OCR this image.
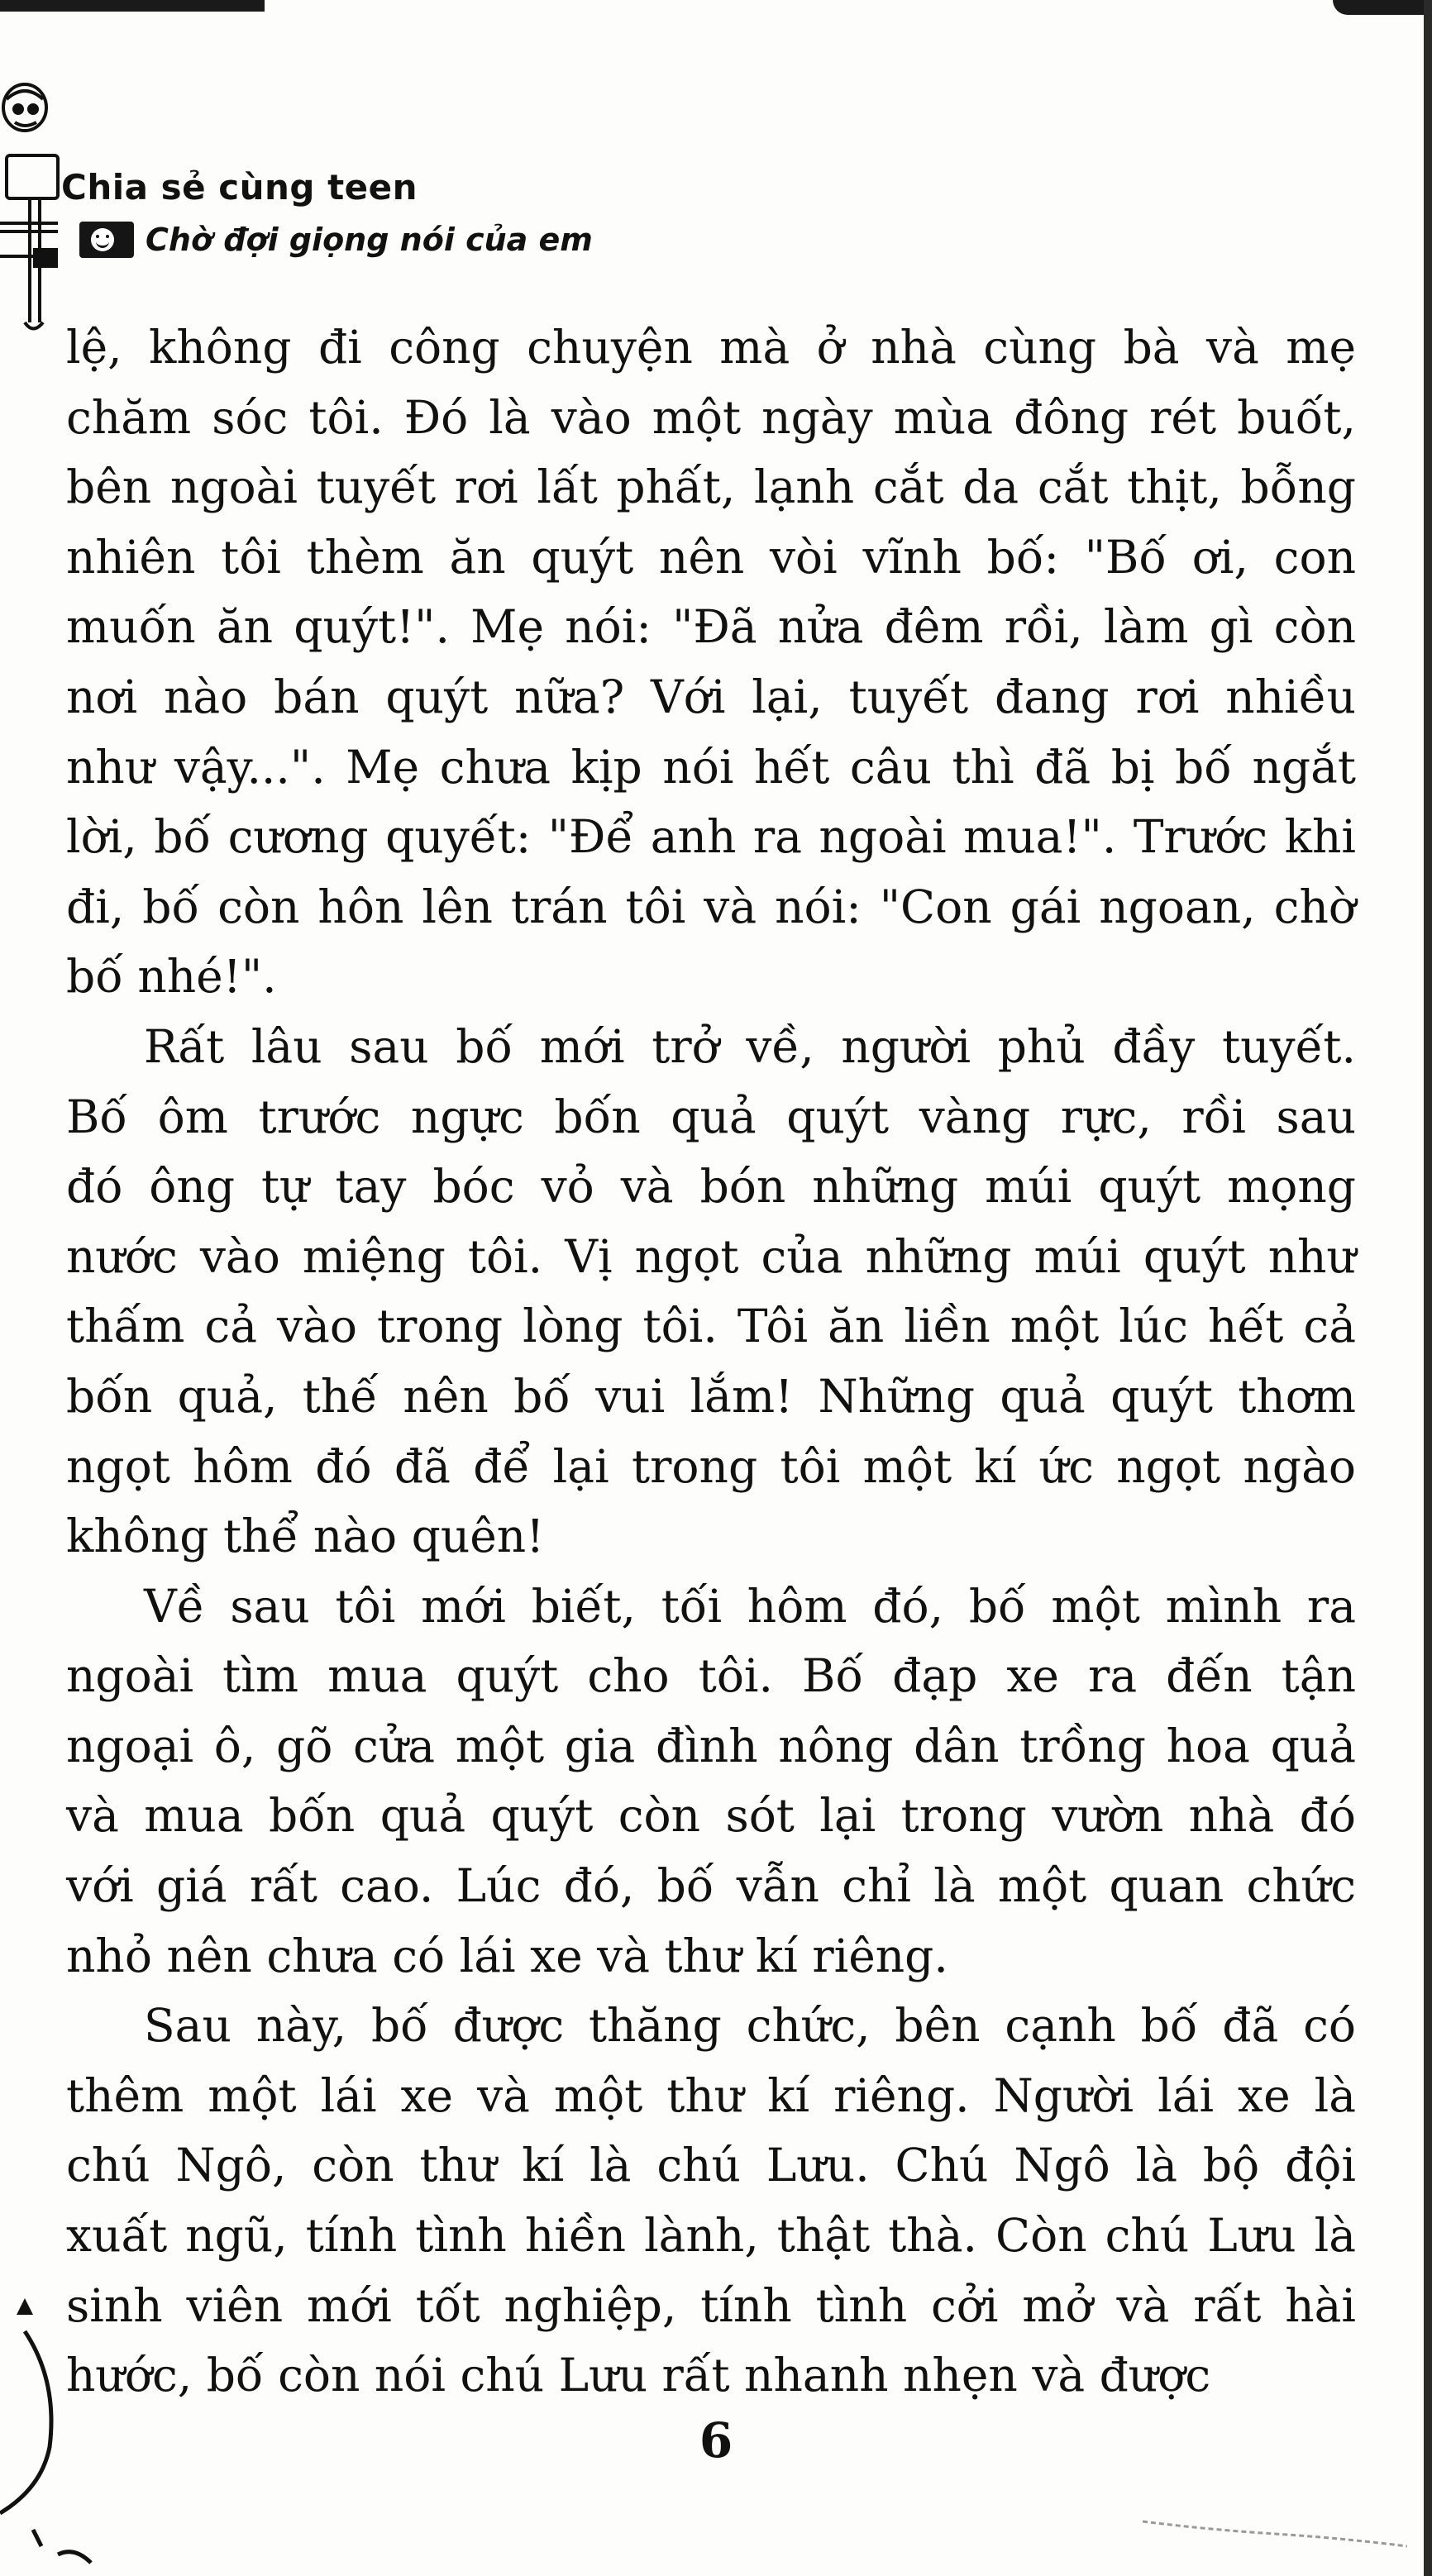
Chia sẻ cùng teen
Chờ đợi giọng nói của em
lệ, không đi công chuyện mà ở nhà cùng bà và mẹ
chăm sóc tôi. Đó là vào một ngày mùa đông rét buốt,
bên ngoài tuyết rơi lất phất, lạnh cắt da cắt thịt, bỗng
nhiên tôi thèm ăn quýt nên vòi vĩnh bố: "Bố ơi, con
muốn ăn quýt!". Mẹ nói: "Đã nửa đêm rồi, làm gì còn
nơi nào bán quýt nữa? Với lại, tuyết đang rơi nhiều
như vậy...". Mẹ chưa kịp nói hết câu thì đã bị bố ngắt
lời, bố cương quyết: "Để anh ra ngoài mua!". Trước khi
đi, bố còn hôn lên trán tôi và nói: "Con gái ngoan, chờ
bố nhé!".
Rất lâu sau bố mới trở về, người phủ đầy tuyết.
Bố ôm trước ngực bốn quả quýt vàng rực, rồi sau
đó ông tự tay bóc vỏ và bón những múi quýt mọng
nước vào miệng tôi. Vị ngọt của những múi quýt như
thấm cả vào trong lòng tôi. Tôi ăn liền một lúc hết cả
bốn quả, thế nên bố vui lắm! Những quả quýt thơm
ngọt hôm đó đã để lại trong tôi một kí ức ngọt ngào
không thể nào quên!
Về sau tôi mới biết, tối hôm đó, bố một mình ra
ngoài tìm mua quýt cho tôi. Bố đạp xe ra đến tận
ngoại ô, gõ cửa một gia đình nông dân trồng hoa quả
và mua bốn quả quýt còn sót lại trong vườn nhà đó
với giá rất cao. Lúc đó, bố vẫn chỉ là một quan chức
nhỏ nên chưa có lái xe và thư kí riêng.
Sau này, bố được thăng chức, bên cạnh bố đã có
thêm một lái xe và một thư kí riêng. Người lái xe là
chú Ngô, còn thư kí là chú Lưu. Chú Ngô là bộ đội
xuất ngũ, tính tình hiền lành, thật thà. Còn chú Lưu là
sinh viên mới tốt nghiệp, tính tình cởi mở và rất hài
hước, bố còn nói chú Lưu rất nhanh nhẹn và được
6
